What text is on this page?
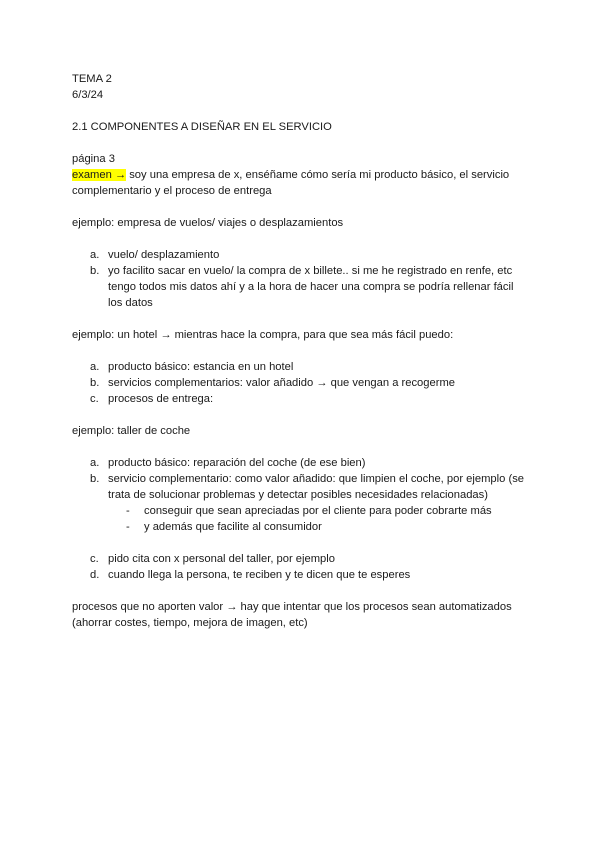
TEMA 2
6/3/24
2.1 COMPONENTES A DISEÑAR EN EL SERVICIO
página 3
examen → soy una empresa de x, enséñame cómo sería mi producto básico, el servicio
complementario y el proceso de entrega
ejemplo: empresa de vuelos/ viajes o desplazamientos
a. vuelo/ desplazamiento
b. yo facilito sacar en vuelo/ la compra de x billete.. si me he registrado en renfe, etc
tengo todos mis datos ahí y a la hora de hacer una compra se podría rellenar fácil
los datos
ejemplo: un hotel → mientras hace la compra, para que sea más fácil puedo:
a. producto básico: estancia en un hotel
b. servicios complementarios: valor añadido → que vengan a recogerme
c. procesos de entrega:
ejemplo: taller de coche
a. producto básico: reparación del coche (de ese bien)
b. servicio complementario: como valor añadido: que limpien el coche, por ejemplo (se
trata de solucionar problemas y detectar posibles necesidades relacionadas)
- conseguir que sean apreciadas por el cliente para poder cobrarte más
- y además que facilite al consumidor
c. pido cita con x personal del taller, por ejemplo
d. cuando llega la persona, te reciben y te dicen que te esperes
procesos que no aporten valor → hay que intentar que los procesos sean automatizados
(ahorrar costes, tiempo, mejora de imagen, etc)
